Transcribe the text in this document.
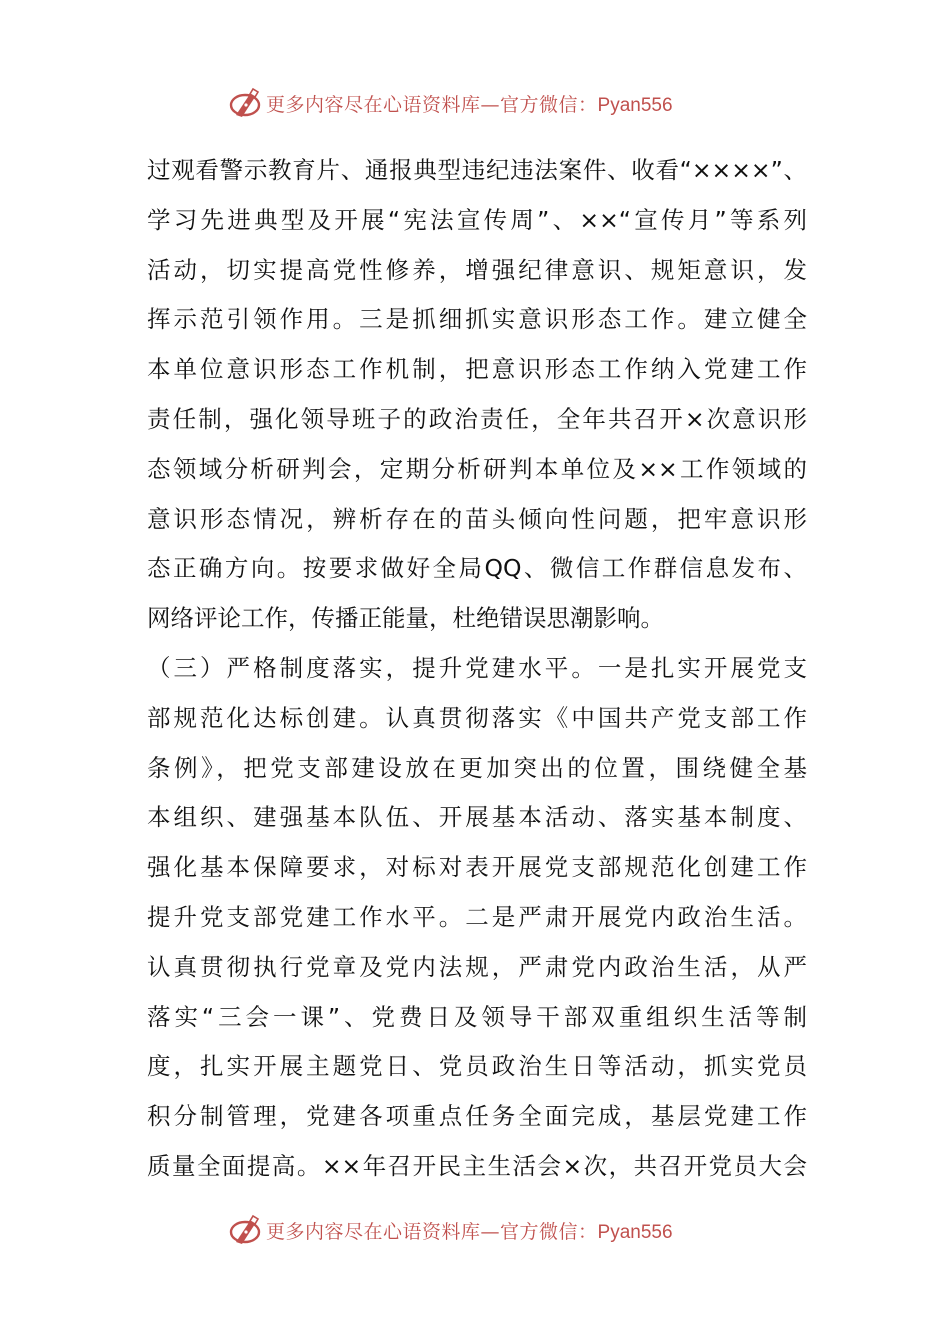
更多内容尽在心语资料库—官方微信：Pyan556
过观看警示教育片、通报典型违纪违法案件、收看“××××”、
学习先进典型及开展“宪法宣传周”、××“宣传月”等系列
活动，切实提高党性修养，增强纪律意识、规矩意识，发
挥示范引领作用。三是抓细抓实意识形态工作。建立健全
本单位意识形态工作机制，把意识形态工作纳入党建工作
责任制，强化领导班子的政治责任，全年共召开×次意识形
态领域分析研判会，定期分析研判本单位及××工作领域的
意识形态情况，辨析存在的苗头倾向性问题，把牢意识形
态正确方向。按要求做好全局QQ、微信工作群信息发布、
网络评论工作，传播正能量，杜绝错误思潮影响。
（三）严格制度落实，提升党建水平。一是扎实开展党支
部规范化达标创建。认真贯彻落实《中国共产党支部工作
条例》，把党支部建设放在更加突出的位置，围绕健全基
本组织、建强基本队伍、开展基本活动、落实基本制度、
强化基本保障要求，对标对表开展党支部规范化创建工作
提升党支部党建工作水平。二是严肃开展党内政治生活。
认真贯彻执行党章及党内法规，严肃党内政治生活，从严
落实“三会一课”、党费日及领导干部双重组织生活等制
度，扎实开展主题党日、党员政治生日等活动，抓实党员
积分制管理，党建各项重点任务全面完成，基层党建工作
质量全面提高。××年召开民主生活会×次，共召开党员大会
更多内容尽在心语资料库—官方微信：Pyan556
